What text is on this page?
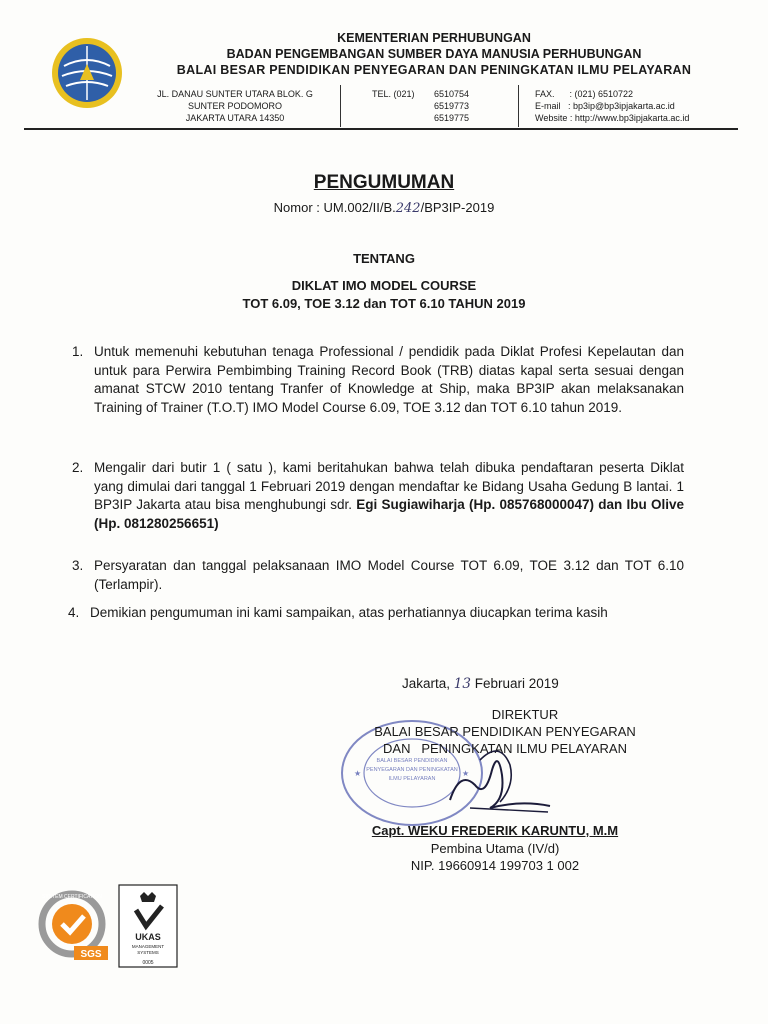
KEMENTERIAN PERHUBUNGAN
BADAN PENGEMBANGAN SUMBER DAYA MANUSIA PERHUBUNGAN
BALAI BESAR PENDIDIKAN PENYEGARAN DAN PENINGKATAN ILMU PELAYARAN
JL. DANAU SUNTER UTARA BLOK. G
SUNTER PODOMORO
JAKARTA UTARA 14350
TEL. (021)	6510754
6519773
6519775
FAX.      : (021) 6510722
E-mail   : bp3ip@bp3ipjakarta.ac.id
Website : http://www.bp3ipjakarta.ac.id
PENGUMUMAN
Nomor : UM.002/II/B.242/BP3IP-2019
TENTANG
DIKLAT IMO MODEL COURSE
TOT 6.09, TOE 3.12 dan TOT 6.10 TAHUN 2019
1. Untuk memenuhi kebutuhan tenaga Professional / pendidik pada Diklat Profesi Kepelautan dan untuk para Perwira Pembimbing Training Record Book (TRB) diatas kapal serta sesuai dengan amanat STCW 2010 tentang Tranfer of Knowledge at Ship, maka BP3IP akan melaksanakan Training of Trainer (T.O.T) IMO Model Course 6.09, TOE 3.12 dan TOT 6.10 tahun 2019.
2. Mengalir dari butir 1 ( satu ), kami beritahukan bahwa telah dibuka pendaftaran peserta Diklat yang dimulai dari tanggal 1 Februari 2019 dengan mendaftar ke Bidang Usaha Gedung B lantai. 1 BP3IP Jakarta atau bisa menghubungi sdr. Egi Sugiawiharja (Hp. 085768000047) dan Ibu Olive (Hp. 081280256651)
3. Persyaratan dan tanggal pelaksanaan IMO Model Course TOT 6.09, TOE 3.12 dan TOT 6.10 (Terlampir).
4. Demikian pengumuman ini kami sampaikan, atas perhatiannya diucapkan terima kasih
Jakarta, 13 Februari 2019
BALAI BESAR PENDIDIKAN
PENYEGARAN DAN PENINGKATAN
ILMU PELAYARAN
★	★
DIREKTUR
BALAI BESAR PENDIDIKAN PENYEGARAN
DAN   PENINGKATAN ILMU PELAYARAN
Capt. WEKU FREDERIK KARUNTU, M.M
Pembina Utama (IV/d)
NIP. 19660914 199703 1 002
SYSTEM CERTIFICATION
SGS
UKAS
MANAGEMENT
SYSTEMS
0005
